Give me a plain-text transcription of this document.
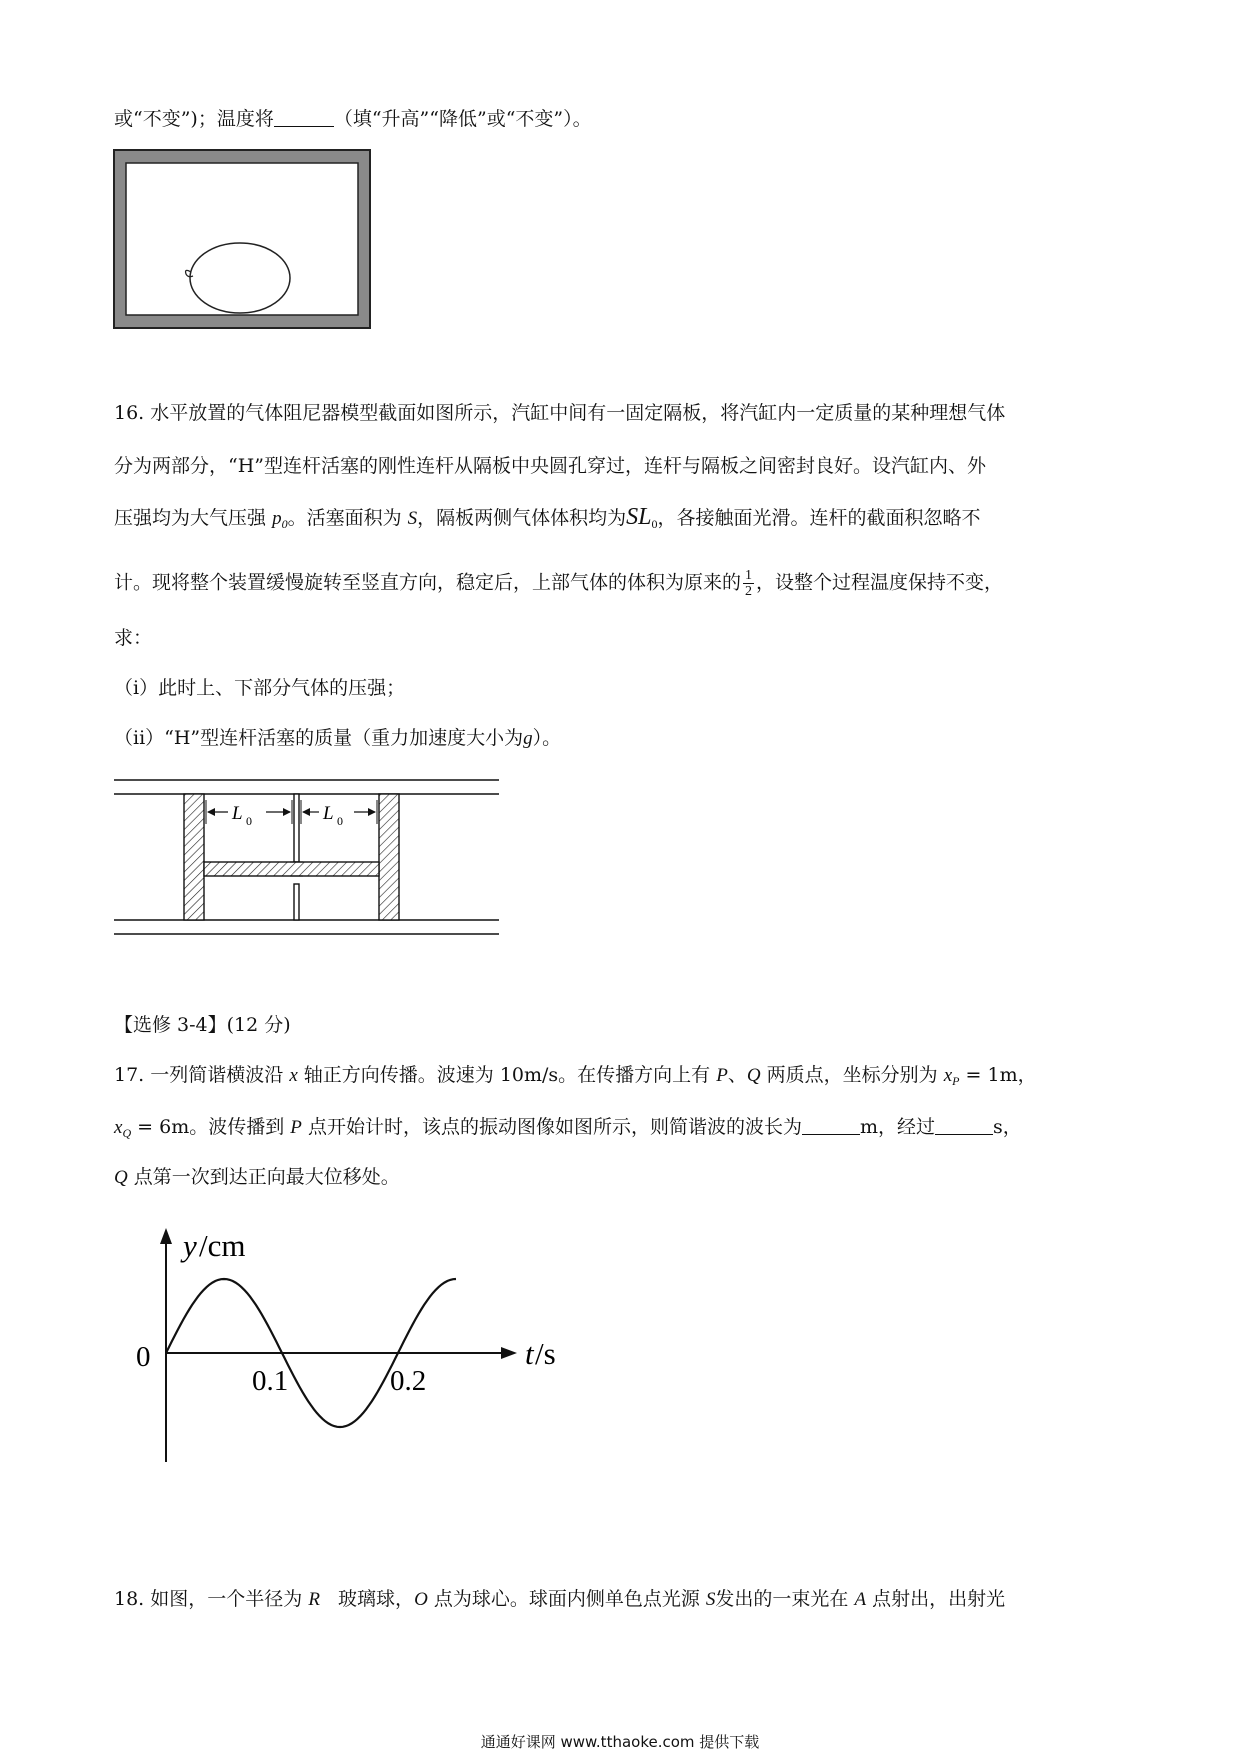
或“不变”)；温度将	（填“升高”“降低”或“不变”）。
16. 水平放置的气体阻尼器模型截面如图所示，汽缸中间有一固定隔板，将汽缸内一定质量的某种理想气体
分为两部分，“H”型连杆活塞的刚性连杆从隔板中央圆孔穿过，连杆与隔板之间密封良好。设汽缸内、外
压强均为大气压强 $p_0$。活塞面积为 S，隔板两侧气体体积均为$SL_0$，各接触面光滑。连杆的截面积忽略不
计。现将整个装置缓慢旋转至竖直方向，稳定后，上部气体的体积为原来的 $\frac{1}{2}$ ，设整个过程温度保持不变，
求：
（i）此时上、下部分气体的压强；
（ii）“H”型连杆活塞的质量（重力加速度大小为g）。
L 0	L 0
【选修 3-4】(12 分)
17. 一列简谐横波沿 x 轴正方向传播。波速为 10m/s。在传播方向上有 P、Q 两质点，坐标分别为 $x_P = 1m$，
$x_Q = 6m$。波传播到 P 点开始计时，该点的振动图像如图所示，则简谐波的波长为	m，经过	s，
Q 点第一次到达正向最大位移处。
y /cm
t /s
0
0.1	0.2
18. 如图，一个半径为 R 玻璃球，O 点为球心。球面内侧单色点光源 S发出的一束光在 A 点射出，出射光
通通好课网 www.tthaoke.com 提供下载
